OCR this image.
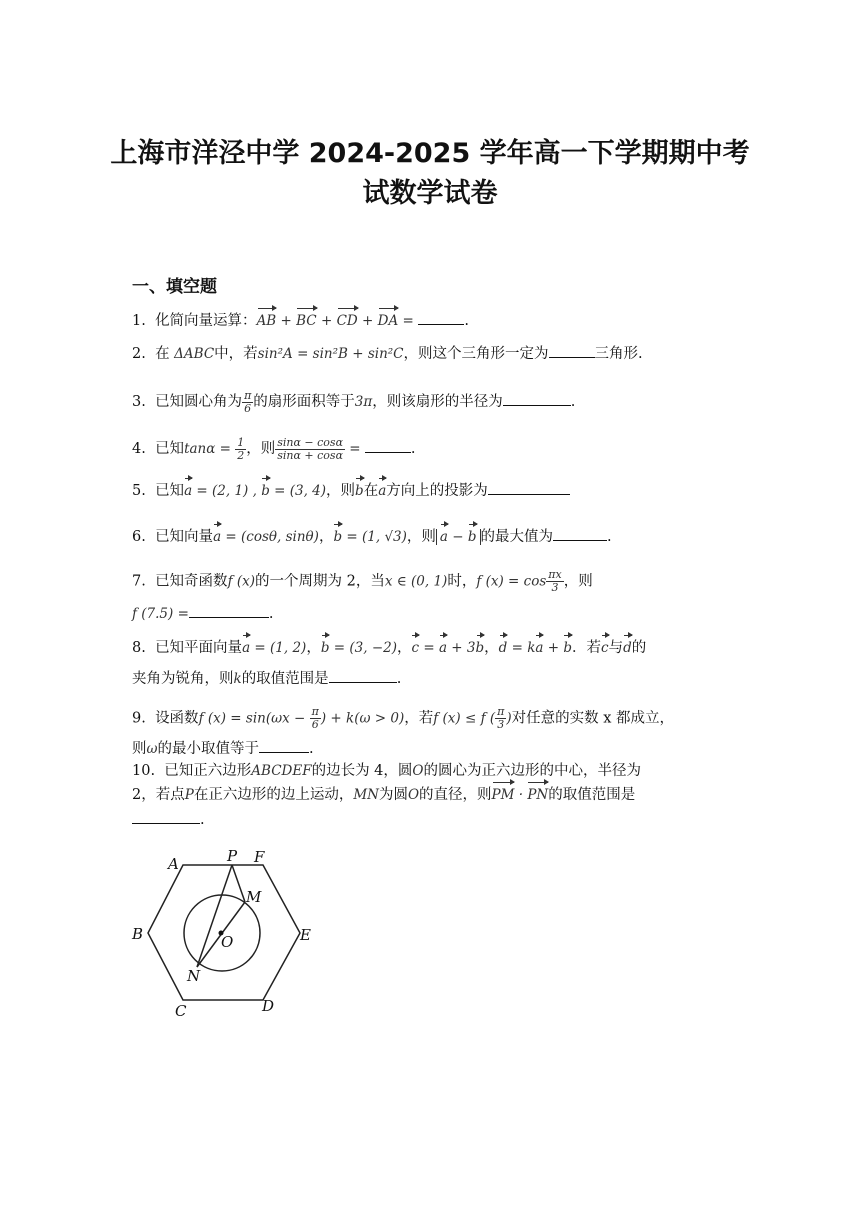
上海市洋泾中学 2024-2025 学年高一下学期期中考
试数学试卷
一、填空题
1. 化简向量运算：AB + BC + CD + DA =	.
2. 在 ΔABC中，若sin²A = sin²B + sin²C，则这个三角形一定为	三角形.
3. 已知圆心角为 $\frac{\pi}{6}$ 的扇形面积等于3π，则该扇形的半径为	.
4. 已知$\tan\alpha = \frac{1}{2}$ ，则 $\frac{\sin\alpha - \cos\alpha}{\sin\alpha + \cos\alpha}$ =	.
5. 已知a = (2, 1) , b = (3, 4)，则b在a方向上的投影为
6. 已知向量a = (cosθ, sinθ)，b = (1, √3)，则 a − b 的最大值为	.
7. 已知奇函数f (x)的一个周期为 2，当x ∈ (0, 1)时，f $(x) = \cos \frac{\pi x}{3}$ ，则
f (7.5) =	.
8. 已知平面向量a = (1, 2)，b = (3, −2)，c = a + 3b，d = ka + b．若c与d的
夹角为锐角，则k的取值范围是	.
9. 设函数f $(x) = \sin(\omega x - \frac{\pi}{6}$ ) + k(ω > 0)，若f (x) ≤ f ( $\frac{\pi}{3}$ )对任意的实数 x 都成立，
则ω的最小取值等于	.
10. 已知正六边形ABCDEF的边长为 4，圆O的圆心为正六边形的中心，半径为
2，若点P在正六边形的边上运动，MN为圆O的直径，则PM · PN的取值范围是
.
A	P F
M
B	O	E
N
C	D
